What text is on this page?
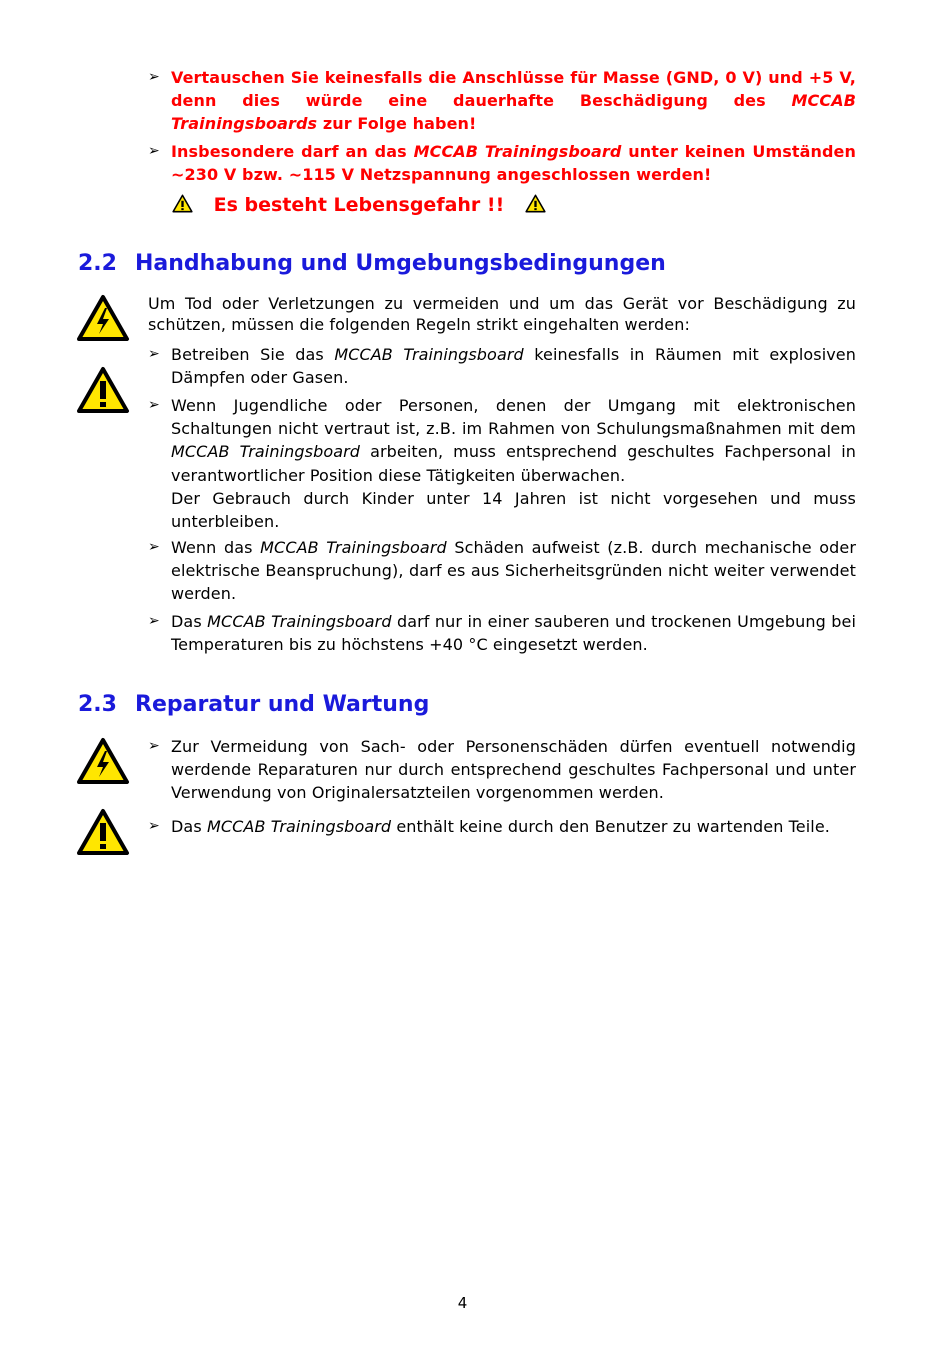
➢ Vertauschen Sie keinesfalls die Anschlüsse für Masse (GND, 0 V) und +5 V, denn dies würde eine dauerhafte Beschädigung des MCCAB Trainingsboards zur Folge haben!
➢ Insbesondere darf an das MCCAB Trainingsboard unter keinen Umständen ~230 V bzw. ~115 V Netzspannung angeschlossen werden!
Es besteht Lebensgefahr !!
2.2 Handhabung und Umgebungsbedingungen
Um Tod oder Verletzungen zu vermeiden und um das Gerät vor Beschädigung zu schützen, müssen die folgenden Regeln strikt eingehalten werden:
➢ Betreiben Sie das MCCAB Trainingsboard keinesfalls in Räumen mit explosiven Dämpfen oder Gasen.
➢ Wenn Jugendliche oder Personen, denen der Umgang mit elektronischen Schaltungen nicht vertraut ist, z.B. im Rahmen von Schulungsmaßnahmen mit dem MCCAB Trainingsboard arbeiten, muss entsprechend geschultes Fachpersonal in verantwortlicher Position diese Tätigkeiten überwachen.
Der Gebrauch durch Kinder unter 14 Jahren ist nicht vorgesehen und muss unterbleiben.
➢ Wenn das MCCAB Trainingsboard Schäden aufweist (z.B. durch mechanische oder elektrische Beanspruchung), darf es aus Sicherheitsgründen nicht weiter verwendet werden.
➢ Das MCCAB Trainingsboard darf nur in einer sauberen und trockenen Umgebung bei Temperaturen bis zu höchstens +40 °C eingesetzt werden.
2.3 Reparatur und Wartung
➢ Zur Vermeidung von Sach- oder Personenschäden dürfen eventuell notwendig werdende Reparaturen nur durch entsprechend geschultes Fachpersonal und unter Verwendung von Originalersatzteilen vorgenommen werden.
➢ Das MCCAB Trainingsboard enthält keine durch den Benutzer zu wartenden Teile.
4
